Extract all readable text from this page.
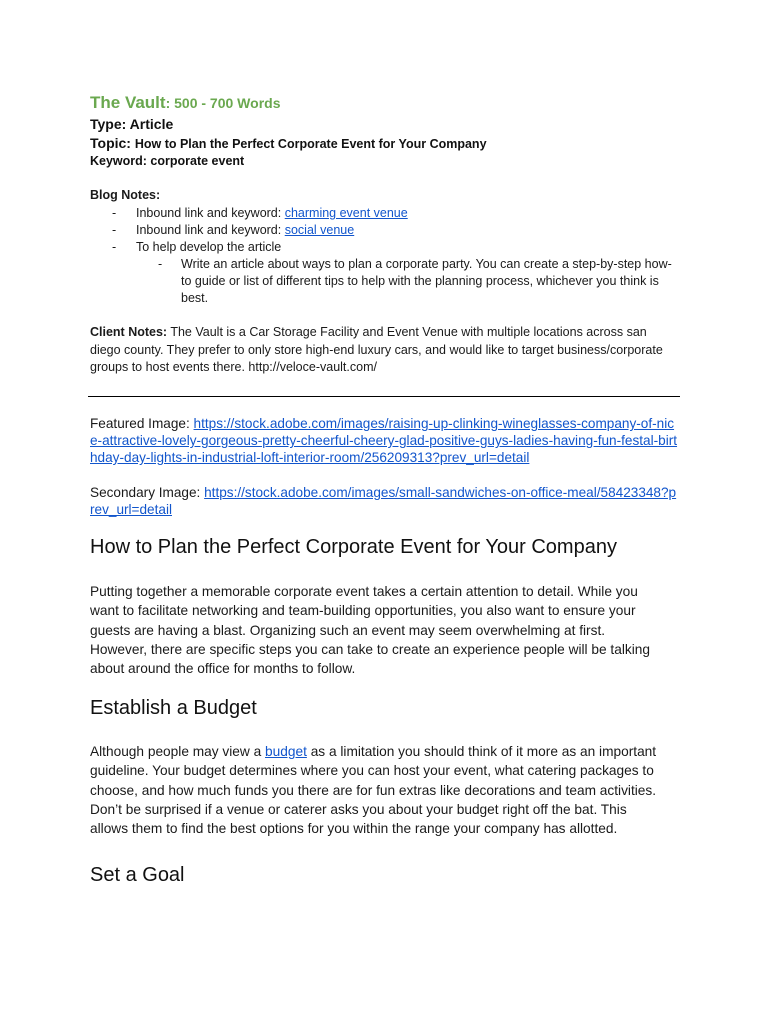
The Vault: 500 - 700 Words
Type: Article
Topic: How to Plan the Perfect Corporate Event for Your Company
Keyword: corporate event
Blog Notes:
- Inbound link and keyword: charming event venue
- Inbound link and keyword: social venue
- To help develop the article
- Write an article about ways to plan a corporate party. You can create a step-by-step how-to guide or list of different tips to help with the planning process, whichever you think is best.
Client Notes: The Vault is a Car Storage Facility and Event Venue with multiple locations across san diego county. They prefer to only store high-end luxury cars, and would like to target business/corporate groups to host events there. http://veloce-vault.com/
Featured Image: https://stock.adobe.com/images/raising-up-clinking-wineglasses-company-of-nice-attractive-lovely-gorgeous-pretty-cheerful-cheery-glad-positive-guys-ladies-having-fun-festal-birthday-day-lights-in-industrial-loft-interior-room/256209313?prev_url=detail
Secondary Image: https://stock.adobe.com/images/small-sandwiches-on-office-meal/58423348?prev_url=detail
How to Plan the Perfect Corporate Event for Your Company
Putting together a memorable corporate event takes a certain attention to detail. While you want to facilitate networking and team-building opportunities, you also want to ensure your guests are having a blast. Organizing such an event may seem overwhelming at first. However, there are specific steps you can take to create an experience people will be talking about around the office for months to follow.
Establish a Budget
Although people may view a budget as a limitation you should think of it more as an important guideline. Your budget determines where you can host your event, what catering packages to choose, and how much funds you there are for fun extras like decorations and team activities. Don’t be surprised if a venue or caterer asks you about your budget right off the bat. This allows them to find the best options for you within the range your company has allotted.
Set a Goal
